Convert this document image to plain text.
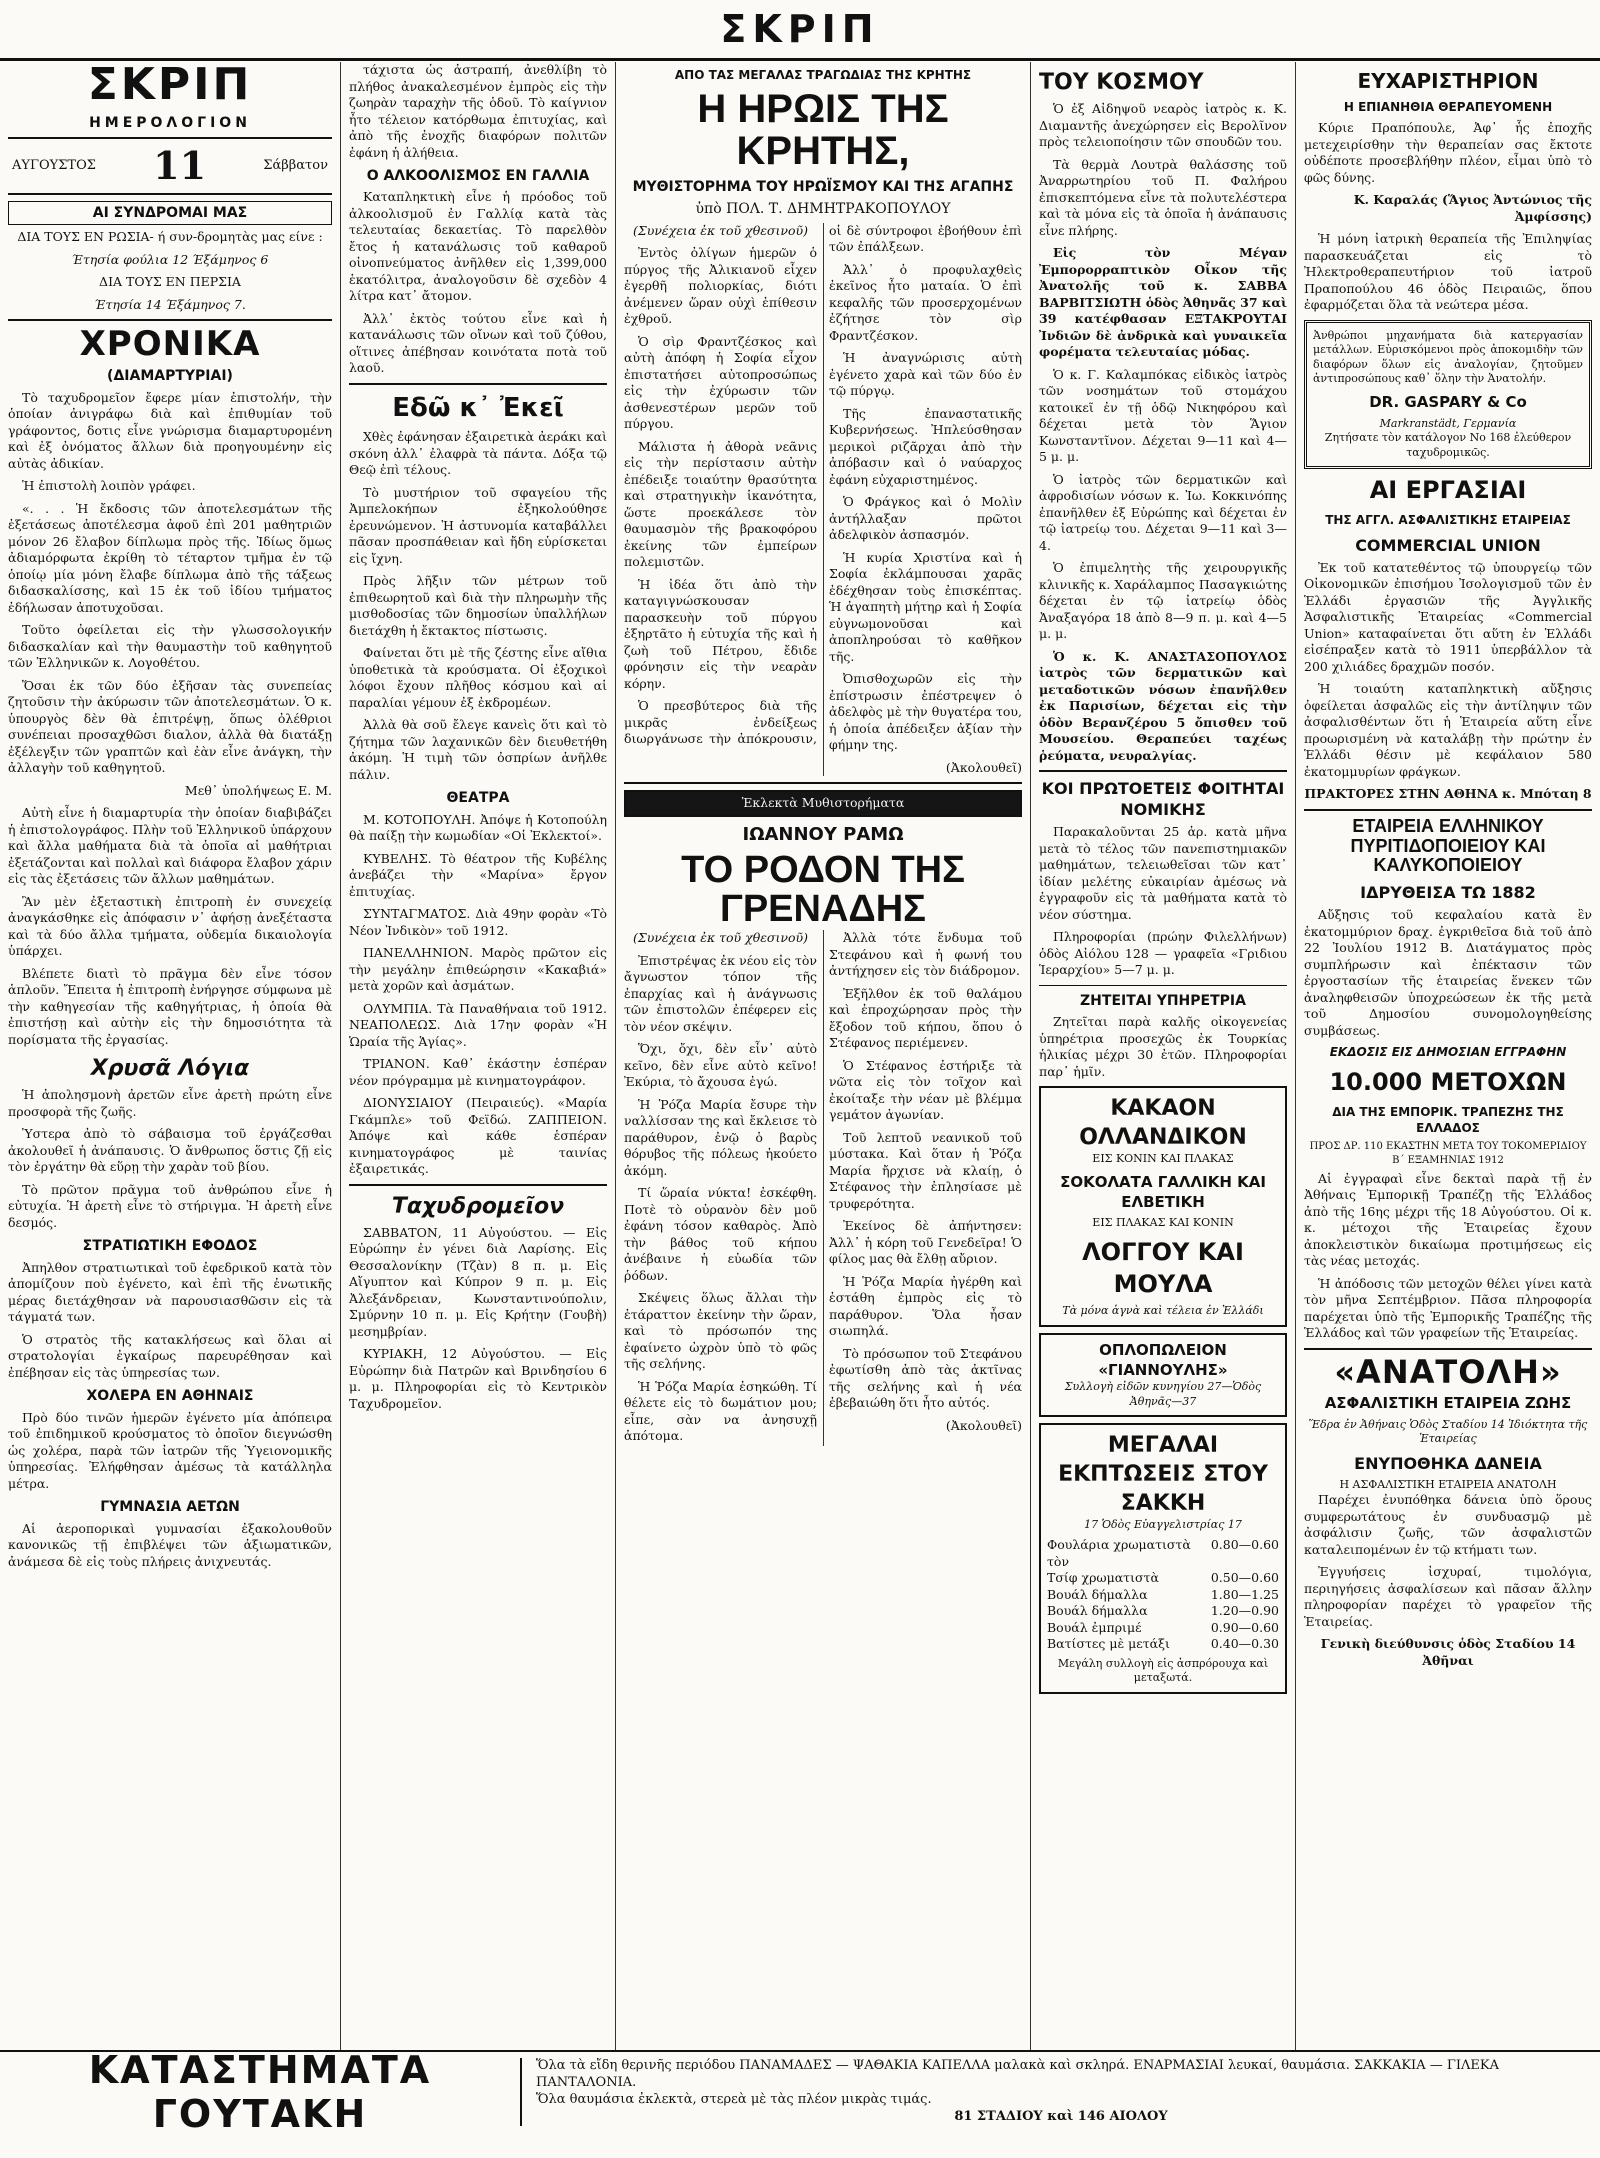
ΣΚΡΙΠ
ΣΚΡΙΠ
ΗΜΕΡΟΛΟΓΙΟΝ
ΑΥΓΟΥΣΤΟΣ 11	Σάββατον
ΑΙ ΣΥΝΔΡΟΜΑΙ ΜΑΣ

ΔΙΑ ΤΟΥΣ ΕΝ ΡΩΣΙΑ- ή συν-δρομητὰς μας είνε :

Έτησία φούλια 12 Έξάμηνος 6

ΔΙΑ ΤΟΥΣ ΕΝ ΠΕΡΣΙΑ

Έτησία 14 Έξάμηνος 7.

ΧΡΟΝΙΚΑ
(ΔΙΑΜΑΡΤΥΡΙΑΙ)

Τὸ ταχυδρομεῖον ἔφερε μίαν ἐπιστολήν, τὴν ὁποίαν ἀνιγράφω διὰ καὶ ἐπιθυμίαν τοῦ γράφοντος, δοτις εἶνε γνώρισμα διαμαρτυρομένη καὶ ἐξ ὀνόματος ἄλλων διὰ προηγουμένην εἰς αὐτὰς ἀδικίαν.

Ἡ ἐπιστολὴ λοιπὸν γράφει.

«. . . Ἡ ἔκδοσις τῶν ἀποτελεσμάτων τῆς ἐξετάσεως ἀποτέλεσμα ἀφοῦ ἐπὶ 201 μαθητριῶν μόνον 26 ἔλαβον δίπλωμα πρὸς τῆς. Ἰδίως ὅμως ἀδιαμόρφωτα ἐκρίθη τὸ τέταρτον τμῆμα ἐν τῷ ὁποίῳ μία μόνη ἔλαβε δίπλωμα ἀπὸ τῆς τάξεως διδασκαλίσσης, καὶ 15 ἐκ τοῦ ἰδίου τμήματος ἐδήλωσαν ἀποτυχοῦσαι.

Τοῦτο ὀφείλεται εἰς τὴν γλωσσολογικήν διδασκαλίαν καὶ τὴν θαυμαστὴν τοῦ καθηγητοῦ τῶν Ἑλληνικῶν κ. Λογοθέτου.

Ὅσαι ἐκ τῶν δύο ἐξῆσαν τὰς συνεπείας ζητοῦσιν τὴν ἀκύρωσιν τῶν ἀποτελεσμάτων. Ὁ κ. ὑπουργὸς δὲν θὰ ἐπιτρέψῃ, ὅπως ὀλέθριοι συνέπειαι προσαχθῶσι διαλον, ἀλλὰ θὰ διατάξῃ ἐξέλεγξιν τῶν γραπτῶν καὶ ἐὰν εἶνε ἀνάγκη, τὴν ἀλλαγὴν τοῦ καθηγητοῦ.

Μεθ᾽ ὑπολήψεως Ε. Μ.

Αὐτὴ εἶνε ἡ διαμαρτυρία τὴν ὁποίαν διαβιβάζει ἡ ἐπιστολογράφος. Πλὴν τοῦ Ἑλληνικοῦ ὑπάρχουν καὶ ἄλλα μαθήματα διὰ τὰ ὁποῖα αἱ μαθήτριαι ἐξετάζονται καὶ πολλαὶ καὶ διάφορα ἔλαβον χάριν εἰς τὰς ἐξετάσεις τῶν ἄλλων μαθημάτων.

Ἂν μὲν ἐξεταστικὴ ἐπιτροπὴ ἐν συνεχείᾳ ἀναγκάσθηκε εἰς ἀπόφασιν ν᾽ ἀφήσῃ ἀνεξέταστα καὶ τὰ δύο ἄλλα τμήματα, οὐδεμία δικαιολογία ὑπάρχει.

Βλέπετε διατὶ τὸ πρᾶγμα δὲν εἶνε τόσον ἁπλοῦν. Ἔπειτα ἡ ἐπιτροπὴ ἐνήργησε σύμφωνα μὲ τὴν καθηγεσίαν τῆς καθηγήτριας, ἡ ὁποία θὰ ἐπιστήσῃ καὶ αὐτὴν εἰς τὴν δημοσιότητα τὰ πορίσματα τῆς ἐργασίας.

Χρυσᾶ Λόγια

Ἡ ἀπολησμονὴ ἀρετῶν εἶνε ἀρετὴ πρώτη εἶνε προσφορὰ τῆς ζωῆς.

Ὑστερα ἀπὸ τὸ σάβαισμα τοῦ ἐργάζεσθαι ἀκολουθεῖ ἡ ἀνάπαυσις. Ὁ ἄνθρωπος ὅστις ζῇ εἰς τὸν ἐργάτην θὰ εὕρῃ τὴν χαρὰν τοῦ βίου.

Τὸ πρῶτον πρᾶγμα τοῦ ἀνθρώπου εἶνε ἡ εὐτυχία. Ἡ ἀρετὴ εἶνε τὸ στήριγμα. Ἡ ἀρετὴ εἶνε δεσμός.

ΣΤΡΑΤΙΩΤΙΚΗ ΕΦΟΔΟΣ

Ἀπηλθον στρατιωτικαὶ τοῦ ἐφεδρικοῦ κατὰ τὸν ἀπομίζουν ποὺ ἐγένετο, καὶ ἐπὶ τῆς ἐνωτικῆς μέρας διετάχθησαν νὰ παρουσιασθῶσιν εἰς τὰ τάγματά των.

Ὁ στρατὸς τῆς κατακλήσεως καὶ ὅλαι αἱ στρατολογίαι ἐγκαίρως παρευρέθησαν καὶ ἐπέβησαν εἰς τὰς ὑπηρεσίας των.

ΧΟΛΕΡΑ ΕΝ ΑΘΗΝΑΙΣ

Πρὸ δύο τινῶν ἡμερῶν ἐγένετο μία ἀπόπειρα τοῦ ἐπιδημικοῦ κρούσματος τὸ ὁποῖον διεγνώσθη ὡς χολέρα, παρὰ τῶν ἰατρῶν τῆς Ὑγειονομικῆς ὑπηρεσίας. Ἐλήφθησαν ἀμέσως τὰ κατάλληλα μέτρα.

ΓΥΜΝΑΣΙΑ ΑΕΤΩΝ

Αἱ ἀεροπορικαὶ γυμνασίαι ἐξακολουθοῦν κανονικῶς τῇ ἐπιβλέψει τῶν ἀξιωματικῶν, ἀνάμεσα δὲ εἰς τοὺς πλήρεις ἀνιχνευτάς.

τάχιστα ὡς ἀστραπή, ἀνεθλίβη τὸ πλήθος ἀνακαλεσμένον ἐμπρὸς εἰς τὴν ζωηρὰν ταραχὴν τῆς ὁδοῦ. Τὸ καίγνιον ἦτο τέλειον κατόρθωμα ἐπιτυχίας, καὶ ἀπὸ τῆς ἐνοχῆς διαφόρων πολιτῶν ἐφάνη ἡ ἀλήθεια.

Ο ΑΛΚΟΟΛΙΣΜΟΣ ΕΝ ΓΑΛΛΙΑ

Καταπληκτικὴ εἶνε ἡ πρόοδος τοῦ ἀλκοολισμοῦ ἐν Γαλλίᾳ κατὰ τὰς τελευταίας δεκαετίας. Τὸ παρελθὸν ἔτος ἡ κατανάλωσις τοῦ καθαροῦ οἰνοπνεύματος ἀνῆλθεν εἰς 1,399,000 ἑκατόλιτρα, ἀναλογοῦσιν δὲ σχεδὸν 4 λίτρα κατ᾽ ἄτομον.

Ἀλλ᾽ ἐκτὸς τούτου εἶνε καὶ ἡ κατανάλωσις τῶν οἴνων καὶ τοῦ ζύθου, οἵτινες ἀπέβησαν κοινότατα ποτὰ τοῦ λαοῦ.

Εδῶ κ᾽ Ἐκεῖ

Χθὲς ἐφάνησαν ἐξαιρετικὰ ἀεράκι καὶ σκόνη ἀλλ᾽ ἐλαφρὰ τὰ πάντα. Δόξα τῷ Θεῷ ἐπὶ τέλους.

Τὸ μυστήριον τοῦ σφαγείου τῆς Ἀμπελοκήπων ἐξηκολούθησε ἐρευνώμενον. Ἡ ἀστυνομία καταβάλλει πᾶσαν προσπάθειαν καὶ ἤδη εὑρίσκεται εἰς ἴχνη.

Πρὸς λῆξιν τῶν μέτρων τοῦ ἐπιθεωρητοῦ καὶ διὰ τὴν πληρωμὴν τῆς μισθοδοσίας τῶν δημοσίων ὑπαλλήλων διετάχθη ἡ ἔκτακτος πίστωσις.

Φαίνεται ὅτι μὲ τῆς ζέστης εἶνε αἴθια ὑποθετικὰ τὰ κρούσματα. Οἱ ἐξοχικοὶ λόφοι ἔχουν πλῆθος κόσμου καὶ αἱ παραλίαι γέμουν ἐξ ἐκδρομέων.

Ἀλλὰ θὰ σοῦ ἔλεγε κανεὶς ὅτι καὶ τὸ ζήτημα τῶν λαχανικῶν δὲν διευθετήθη ἀκόμη. Ἡ τιμὴ τῶν ὀσπρίων ἀνῆλθε πάλιν.

ΘΕΑΤΡΑ

Μ. ΚΟΤΟΠΟΥΛΗ. Ἀπόψε ἡ Κοτοπούλη θὰ παίξῃ τὴν κωμωδίαν «Οἱ Ἐκλεκτοί».

ΚΥΒΕΛΗΣ. Τὸ θέατρον τῆς Κυβέλης ἀνεβάζει τὴν «Μαρίνα» ἔργον ἐπιτυχίας.

ΣΥΝΤΑΓΜΑΤΟΣ. Διὰ 49ην φορὰν «Τὸ Νέον Ἰνδικὸν» τοῦ 1912.

ΠΑΝΕΛΛΗΝΙΟΝ. Μαρὸς πρῶτον εἰς τὴν μεγάλην ἐπιθεώρησιν «Κακαβιά» μετὰ χορῶν καὶ ἀσμάτων.

ΟΛΥΜΠΙΑ. Τὰ Παναθήναια τοῦ 1912. ΝΕΑΠΟΛΕΩΣ. Διὰ 17ην φορὰν «Ἡ Ὡραία τῆς Ἁγίας».

ΤΡΙΑΝΟΝ. Καθ᾽ ἑκάστην ἑσπέραν νέον πρόγραμμα μὲ κινηματογράφον.

ΔΙΟΝΥΣΙΑΙΟΥ (Πειραιεύς). «Μαρία Γκάμπλε» τοῦ Φεϊδώ. ΖΑΠΠΕΙΟΝ. Ἀπόψε καὶ κάθε ἑσπέραν κινηματογράφος μὲ ταινίας ἐξαιρετικάς.

Ταχυδρομεῖον

ΣΑΒΒΑΤΟΝ, 11 Αὐγούστου. — Εἰς Εὐρώπην ἐν γένει διὰ Λαρίσης. Εἰς Θεσσαλονίκην (Τζὰν) 8 π. μ. Εἰς Αἴγυπτον καὶ Κύπρον 9 π. μ. Εἰς Ἀλεξάνδρειαν, Κωνσταντινούπολιν, Σμύρνην 10 π. μ. Εἰς Κρήτην (Γουβὴ) μεσημβρίαν.

ΚΥΡΙΑΚΗ, 12 Αὐγούστου. — Εἰς Εὐρώπην διὰ Πατρῶν καὶ Βρινδησίου 6 μ. μ. Πληροφορίαι εἰς τὸ Κεντρικὸν Ταχυδρομεῖον.

ΑΠΟ ΤΑΣ ΜΕΓΑΛΑΣ ΤΡΑΓΩΔΙΑΣ ΤΗΣ ΚΡΗΤΗΣ
Η ΗΡΩΙΣ ΤΗΣ ΚΡΗΤΗΣ,
ΜΥΘΙΣΤΟΡΗΜΑ ΤΟΥ ΗΡΩΪΣΜΟΥ ΚΑΙ ΤΗΣ ΑΓΑΠΗΣ
ὑπὸ ΠΟΛ. Τ. ΔΗΜΗΤΡΑΚΟΠΟΥΛΟΥ

(Συνέχεια ἐκ τοῦ χθεσινοῦ)

Ἐντὸς ὀλίγων ἡμερῶν ὁ πύργος τῆς Ἀλικιανοῦ εἶχεν ἐγερθῆ πολιορκίας, διότι ἀνέμενεν ὥραν οὐχὶ ἐπίθεσιν ἐχθροῦ.

Ὁ σὶρ Φραντζέσκος καὶ αὐτὴ ἀπόφη ἡ Σοφία εἶχον ἐπιστατήσει αὐτοπροσώπως εἰς τὴν ἐχύρωσιν τῶν ἀσθενεστέρων μερῶν τοῦ πύργου.

Μάλιστα ἡ ἀθορὰ νεᾶνις εἰς τὴν περίστασιν αὐτὴν ἐπέδειξε τοιαύτην θρασύτητα καὶ στρατηγικὴν ἱκανότητα, ὥστε προεκάλεσε τὸν θαυμασμὸν τῆς βρακοφόρου ἐκείνης τῶν ἐμπείρων πολεμιστῶν.

Ἡ ἰδέα ὅτι ἀπὸ τὴν καταγιγνώσκουσαν παρασκευὴν τοῦ πύργου ἐξηρτᾶτο ἡ εὐτυχία τῆς καὶ ἡ ζωὴ τοῦ Πέτρου, ἔδιδε φρόνησιν εἰς τὴν νεαρὰν κόρην.

Ὁ πρεσβύτερος διὰ τῆς μικρᾶς ἐνδείξεως διωργάνωσε τὴν ἀπόκρουσιν, οἱ δὲ σύντροφοι ἐβοήθουν ἐπὶ τῶν ἐπάλξεων.

Ἀλλ᾽ ὁ προφυλαχθεὶς ἐκεῖνος ἦτο ματαία. Ὁ ἐπὶ κεφαλῆς τῶν προσερχομένων ἐζήτησε τὸν σὶρ Φραντζέσκον.

Ἡ ἀναγνώρισις αὐτὴ ἐγένετο χαρὰ καὶ τῶν δύο ἐν τῷ πύργῳ.

Τῆς ἐπαναστατικῆς Κυβερνήσεως. Ἠπλεύσθησαν μερικοὶ ριζᾶρχαι ἀπὸ τὴν ἀπόβασιν καὶ ὁ ναύαρχος ἐφάνη εὐχαριστημένος.

Ὁ Φράγκος καὶ ὁ Μολὶν ἀντήλλαξαν πρῶτοι ἀδελφικὸν ἀσπασμόν.

Ἡ κυρία Χριστίνα καὶ ἡ Σοφία ἐκλάμπουσαι χαρᾶς ἐδέχθησαν τοὺς ἐπισκέπτας. Ἡ ἀγαπητὴ μήτηρ καὶ ἡ Σοφία εὐγνωμονοῦσαι καὶ ἀποπληρούσαι τὸ καθῆκον τῆς.

Ὀπισθοχωρῶν εἰς τὴν ἐπίστρωσιν ἐπέστρεψεν ὁ ἀδελφὸς μὲ τὴν θυγατέρα του, ἡ ὁποία ἀπέδειξεν ἀξίαν τὴν φήμην της.

(Ἀκολουθεῖ)

Ἐκλεκτὰ Μυθιστορήματα
ΙΩΑΝΝΟΥ ΡΑΜΩ
ΤΟ ΡΟΔΟΝ ΤΗΣ ΓΡΕΝΑΔΗΣ

(Συνέχεια ἐκ τοῦ χθεσινοῦ)

Ἐπιστρέψας ἐκ νέου εἰς τὸν ἄγνωστον τόπον τῆς ἐπαρχίας καὶ ἡ ἀνάγνωσις τῶν ἐπιστολῶν ἐπέφερεν εἰς τὸν νέον σκέψιν.

Ὅχι, ὄχι, δὲν εἶν᾽ αὐτὸ κεῖνο, δὲν εἶνε αὐτὸ κεῖνο! Ἐκύρια, τὸ ἄχουσα ἐγώ.

Ἡ Ῥόζα Μαρία ἔσυρε τὴν ναλλίσσαν της καὶ ἔκλεισε τὸ παράθυρον, ἐνῷ ὁ βαρὺς θόρυβος τῆς πόλεως ἠκούετο ἀκόμη.

Τί ὥραία νύκτα! ἐσκέφθη. Ποτὲ τὸ οὐρανὸν δὲν μοῦ ἐφάνη τόσον καθαρὸς. Ἀπὸ τὴν βάθος τοῦ κήπου ἀνέβαινε ἡ εὐωδία τῶν ῥόδων.

Σκέψεις ὅλως ἄλλαι τὴν ἐτάραττον ἐκείνην τὴν ὥραν, καὶ τὸ πρόσωπόν της ἐφαίνετο ὠχρὸν ὑπὸ τὸ φῶς τῆς σελήνης.

Ἡ Ῥόζα Μαρία ἐσηκώθη. Τί θέλετε εἰς τὸ δωμάτιον μου; εἶπε, σὰν να ἀνησυχῇ ἀπότομα.

Ἀλλὰ τότε ἔνδυμα τοῦ Στεφάνου καὶ ἡ φωνή του ἀντήχησεν εἰς τὸν διάδρομον.

Ἐξῆλθον ἐκ τοῦ θαλάμου καὶ ἐπροχώρησαν πρὸς τὴν ἔξοδον τοῦ κήπου, ὅπου ὁ Στέφανος περιέμενεν.

Ὁ Στέφανος ἐστήριξε τὰ νῶτα εἰς τὸν τοῖχον καὶ ἐκοίταξε τὴν νέαν μὲ βλέμμα γεμάτον ἀγωνίαν.

Τοῦ λεπτοῦ νεανικοῦ τοῦ μύστακα. Καὶ ὅταν ἡ Ῥόζα Μαρία ἤρχισε νὰ κλαίῃ, ὁ Στέφανος τὴν ἐπλησίασε μὲ τρυφερότητα.

Ἐκείνος δὲ ἀπήντησεν: Ἀλλ᾽ ἡ κόρη τοῦ Γενεδεῖρα! Ὁ φίλος μας θὰ ἔλθῃ αὔριον.

Ἡ Ῥόζα Μαρία ἠγέρθη καὶ ἐστάθη ἐμπρὸς εἰς τὸ παράθυρον. Ὅλα ἦσαν σιωπηλά.

Τὸ πρόσωπον τοῦ Στεφάνου ἐφωτίσθη ἀπὸ τὰς ἀκτῖνας τῆς σελήνης καὶ ἡ νέα ἐβεβαιώθη ὅτι ἦτο αὐτός.

(Ἀκολουθεῖ)

ΤΟΥ ΚΟΣΜΟΥ

Ὁ ἐξ Αἰδηψοῦ νεαρὸς ἰατρὸς κ. Κ. Διαμαντῆς ἀνεχώρησεν εἰς Βερολῖνον πρὸς τελειοποίησιν τῶν σπουδῶν του.

Τὰ θερμὰ Λουτρὰ θαλάσσης τοῦ Ἀναρρωτηρίου τοῦ Π. Φαλήρου ἐπισκεπτόμενα εἶνε τὰ πολυτελέστερα καὶ τὰ μόνα εἰς τὰ ὁποῖα ἡ ἀνάπαυσις εἶνε πλήρης.

Εἰς τὸν Μέγαν Ἐμπορορραπτικὸν Οἶκον τῆς Ἀνατολῆς τοῦ κ. ΣΑΒΒΑ ΒΑΡΒΙΤΣΙΩΤΗ ὁδὸς Ἀθηνᾶς 37 καὶ 39 κατέφθασαν ΕΞΤΑΚΡΟΥΤΑΙ Ἰνδιῶν δὲ ἀνδρικὰ καὶ γυναικεῖα φορέματα τελευταίας μόδας.

Ὁ κ. Γ. Καλαμπόκας εἰδικὸς ἰατρὸς τῶν νοσημάτων τοῦ στομάχου κατοικεῖ ἐν τῇ ὁδῷ Νικηφόρου καὶ δέχεται μετὰ τὸν Ἅγιον Κωνσταντῖνον. Δέχεται 9—11 καὶ 4—5 μ. μ.

Ὁ ἰατρὸς τῶν δερματικῶν καὶ ἀφροδισίων νόσων κ. Ἰω. Κοκκινόπης ἐπανῆλθεν ἐξ Εὐρώπης καὶ δέχεται ἐν τῷ ἰατρείῳ του. Δέχεται 9—11 καὶ 3—4.

Ὁ ἐπιμελητὴς τῆς χειρουργικῆς κλινικῆς κ. Χαράλαμπος Πασαγκιώτης δέχεται ἐν τῷ ἰατρείῳ ὁδὸς Ἀναξαγόρα 18 ἀπὸ 8—9 π. μ. καὶ 4—5 μ. μ.

Ὁ κ. Κ. ΑΝΑΣΤΑΣΟΠΟΥΛΟΣ ἰατρὸς τῶν δερματικῶν καὶ μεταδοτικῶν νόσων ἐπανῆλθεν ἐκ Παρισίων, δέχεται εἰς τὴν ὁδὸν Βερανζέρου 5 ὄπισθεν τοῦ Μουσείου. Θεραπεύει ταχέως ῥεύματα, νευραλγίας.

ΚΟΙ ΠΡΩΤΟΕΤΕΙΣ ΦΟΙΤΗΤΑΙ ΝΟΜΙΚΗΣ

Παρακαλοῦνται 25 ἀρ. κατὰ μῆνα μετὰ τὸ τέλος τῶν πανεπιστημιακῶν μαθημάτων, τελειωθεῖσαι τῶν κατ᾽ ἰδίαν μελέτης εὐκαιρίαν ἀμέσως νὰ ἐγγραφοῦν εἰς τὰ μαθήματα κατὰ τὸ νέον σύστημα.

Πληροφορίαι (πρώην Φιλελλήνων) ὁδὸς Αἰόλου 128 — γραφεῖα «Γριδιου Ἱεραρχίου» 5—7 μ. μ.

ΖΗΤΕΙΤΑΙ ΥΠΗΡΕΤΡΙΑ

Ζητεῖται παρὰ καλῆς οἰκογενείας ὑπηρέτρια προσεχῶς ἐκ Τουρκίας ἡλικίας μέχρι 30 ἐτῶν. Πληροφορίαι παρ᾽ ἡμῖν.

ΚΑΚΑΟΝ ΟΛΛΑΝΔΙΚΟΝ
ΕΙΣ ΚΟΝΙΝ ΚΑΙ ΠΛΑΚΑΣ
ΣΟΚΟΛΑΤΑ ΓΑΛΛΙΚΗ ΚΑΙ ΕΛΒΕΤΙΚΗ
ΕΙΣ ΠΛΑΚΑΣ ΚΑΙ ΚΟΝΙΝ
ΛΟΓΓΟΥ ΚΑΙ ΜΟΥΛΑ
Τὰ μόνα ἁγνὰ καὶ τέλεια ἐν Ἑλλάδι
ΟΠΛΟΠΩΛΕΙΟΝ «ΓΙΑΝΝΟΥΛΗΣ»
Συλλογὴ εἰδῶν κυνηγίου 27—Ὁδὸς Ἀθηνᾶς—37
ΜΕΓΑΛΑΙ ΕΚΠΤΩΣΕΙΣ ΣΤΟΥ ΣΑΚΚΗ
17 Ὁδὸς Εὐαγγελιστρίας 17
Φουλάρια χρωματιστὰ τὸν
0.80—0.60
Τσίφ χρωματιστὰ	0.50—0.60
Βουάλ δήμαλλα	1.80—1.25
Βουάλ δήμαλλα	1.20—0.90
Βουάλ ἐμπριμέ	0.90—0.60
Βατίστες μὲ μετάξι	0.40—0.30
Μεγάλη συλλογὴ εἰς ἀσπρόρουχα καὶ μεταξωτά.
ΕΥΧΑΡΙΣΤΗΡΙΟΝ
Η ΕΠΙΑΝΗΘΙΑ ΘΕΡΑΠΕΥΟΜΕΝΗ

Κύριε Πραπόπουλε, Ἀφ᾽ ἧς ἐποχῆς μετεχειρίσθην τὴν θεραπείαν σας ἔκτοτε οὐδέποτε προσεβλήθην πλέον, εἶμαι ὑπὸ τὸ φῶς δύνης.

Κ. Καραλάς (Ἅγιος Ἀντώνιος τῆς Ἀμφίσσης)

Ἡ μόνη ἰατρικὴ θεραπεία τῆς Ἐπιληψίας παρασκευάζεται εἰς τὸ Ἠλεκτροθεραπευτήριον τοῦ ἰατροῦ Πραποπούλου 46 ὁδὸς Πειραιῶς, ὅπου ἐφαρμόζεται ὅλα τὰ νεώτερα μέσα.

Ἀνθρώποι μηχανήματα διὰ κατεργασίαν μετάλλων. Εὑρισκόμενοι πρὸς ἀποκομιδὴν τῶν διαφόρων ὅλων εἰς ἀναλογίαν, ζητοῦμεν ἀντιπροσώπους καθ᾽ ὅλην τὴν Ἀνατολήν.
DR. GASPARY & Co
Markranstädt, Γερμανία
Ζητήσατε τὸν κατάλογον No 168 ἐλεύθερον ταχυδρομικῶς.
ΑΙ ΕΡΓΑΣΙΑΙ
ΤΗΣ ΑΓΓΛ. ΑΣΦΑΛΙΣΤΙΚΗΣ ΕΤΑΙΡΕΙΑΣ
COMMERCIAL UNION

Ἐκ τοῦ κατατεθέντος τῷ ὑπουργείῳ τῶν Οἰκονομικῶν ἐπισήμου Ἰσολογισμοῦ τῶν ἐν Ἑλλάδι ἐργασιῶν τῆς Ἀγγλικῆς Ἀσφαλιστικῆς Ἑταιρείας «Commercial Union» καταφαίνεται ὅτι αὕτη ἐν Ἑλλάδι εἰσέπραξεν κατὰ τὸ 1911 ὑπερβάλλον τὰ 200 χιλιάδες δραχμῶν ποσόν.

Ἡ τοιαύτη καταπληκτικὴ αὔξησις ὀφείλεται ἀσφαλῶς εἰς τὴν ἀντίληψιν τῶν ἀσφαλισθέντων ὅτι ἡ Ἑταιρεία αὕτη εἶνε προωρισμένη νὰ καταλάβῃ τὴν πρώτην ἐν Ἑλλάδι θέσιν μὲ κεφάλαιον 580 ἑκατομμυρίων φράγκων.

ΠΡΑΚΤΟΡΕΣ ΣΤΗΝ ΑΘΗΝΑ κ. Μπόταη 8

ΕΤΑΙΡΕΙΑ ΕΛΛΗΝΙΚΟΥ ΠΥΡΙΤΙΔΟΠΟΙΕΙΟΥ ΚΑΙ ΚΑΛΥΚΟΠΟΙΕΙΟΥ
ΙΔΡΥΘΕΙΣΑ ΤΩ 1882

Αὔξησις τοῦ κεφαλαίου κατὰ ἓν ἑκατομμύριον δραχ. ἐγκριθεῖσα διὰ τοῦ ἀπὸ 22 Ἰουλίου 1912 Β. Διατάγματος πρὸς συμπλήρωσιν καὶ ἐπέκτασιν τῶν ἐργοστασίων τῆς ἑταιρείας ἕνεκεν τῶν ἀναληφθεισῶν ὑποχρεώσεων ἐκ τῆς μετὰ τοῦ Δημοσίου συνομολογηθείσης συμβάσεως.

ΕΚΔΟΣΙΣ ΕΙΣ ΔΗΜΟΣΙΑΝ ΕΓΓΡΑΦΗΝ
10.000 ΜΕΤΟΧΩΝ
ΔΙΑ ΤΗΣ ΕΜΠΟΡΙΚ. ΤΡΑΠΕΖΗΣ ΤΗΣ ΕΛΛΑΔΟΣ
ΠΡΟΣ ΔΡ. 110 ΕΚΑΣΤΗΝ ΜΕΤΑ ΤΟΥ ΤΟΚΟΜΕΡΙΔΙΟΥ Β΄ ΕΞΑΜΗΝΙΑΣ 1912

Αἱ ἐγγραφαὶ εἶνε δεκταὶ παρὰ τῇ ἐν Ἀθήναις Ἐμπορικῇ Τραπέζῃ τῆς Ἑλλάδος ἀπὸ τῆς 16ης μέχρι τῆς 18 Αὐγούστου. Οἱ κ. κ. μέτοχοι τῆς Ἑταιρείας ἔχουν ἀποκλειστικὸν δικαίωμα προτιμήσεως εἰς τὰς νέας μετοχάς.

Ἡ ἀπόδοσις τῶν μετοχῶν θέλει γίνει κατὰ τὸν μῆνα Σεπτέμβριον. Πᾶσα πληροφορία παρέχεται ὑπὸ τῆς Ἐμπορικῆς Τραπέζης τῆς Ἑλλάδος καὶ τῶν γραφείων τῆς Ἑταιρείας.

«ΑΝΑΤΟΛΗ»
ΑΣΦΑΛΙΣΤΙΚΗ ΕΤΑΙΡΕΙΑ ΖΩΗΣ
Ἕδρα ἐν Ἀθήναις Ὁδὸς Σταδίου 14 Ἰδιόκτητα τῆς Ἑταιρείας
ΕΝΥΠΟΘΗΚΑ ΔΑΝΕΙΑ
Η ΑΣΦΑΛΙΣΤΙΚΗ ΕΤΑΙΡΕΙΑ ΑΝΑΤΟΛΗ

Παρέχει ἐνυπόθηκα δάνεια ὑπὸ ὅρους συμφερωτάτους ἐν συνδυασμῷ μὲ ἀσφάλισιν ζωῆς, τῶν ἀσφαλιστῶν καταλειπομένων ἐν τῷ κτήματι των.

Ἐγγυήσεις ἰσχυραί, τιμολόγια, περιηγήσεις ἀσφαλίσεων καὶ πᾶσαν ἄλλην πληροφορίαν παρέχει τὸ γραφεῖον τῆς Ἑταιρείας.

Γενικὴ διεύθυνσις ὁδὸς Σταδίου 14 Ἀθῆναι

ΚΑΤΑΣΤΗΜΑΤΑ ΓΟΥΤΑΚΗ
Ὅλα τὰ εἴδη θερινῆς περιόδου ΠΑΝΑΜΑΔΕΣ — ΨΑΘΑΚΙΑ ΚΑΠΕΛΛΑ μαλακὰ καὶ σκληρά. ΕΝΑΡΜΑΣΙΑΙ λευκαί, θαυμάσια. ΣΑΚΚΑΚΙΑ — ΓΙΛΕΚΑ ΠΑΝΤΑΛΟΝΙΑ.
Ὅλα θαυμάσια ἐκλεκτὰ, στερεὰ μὲ τὰς πλέον μικρὰς τιμάς.
81 ΣΤΑΔΙΟΥ καὶ 146 ΑΙΟΛΟΥ
